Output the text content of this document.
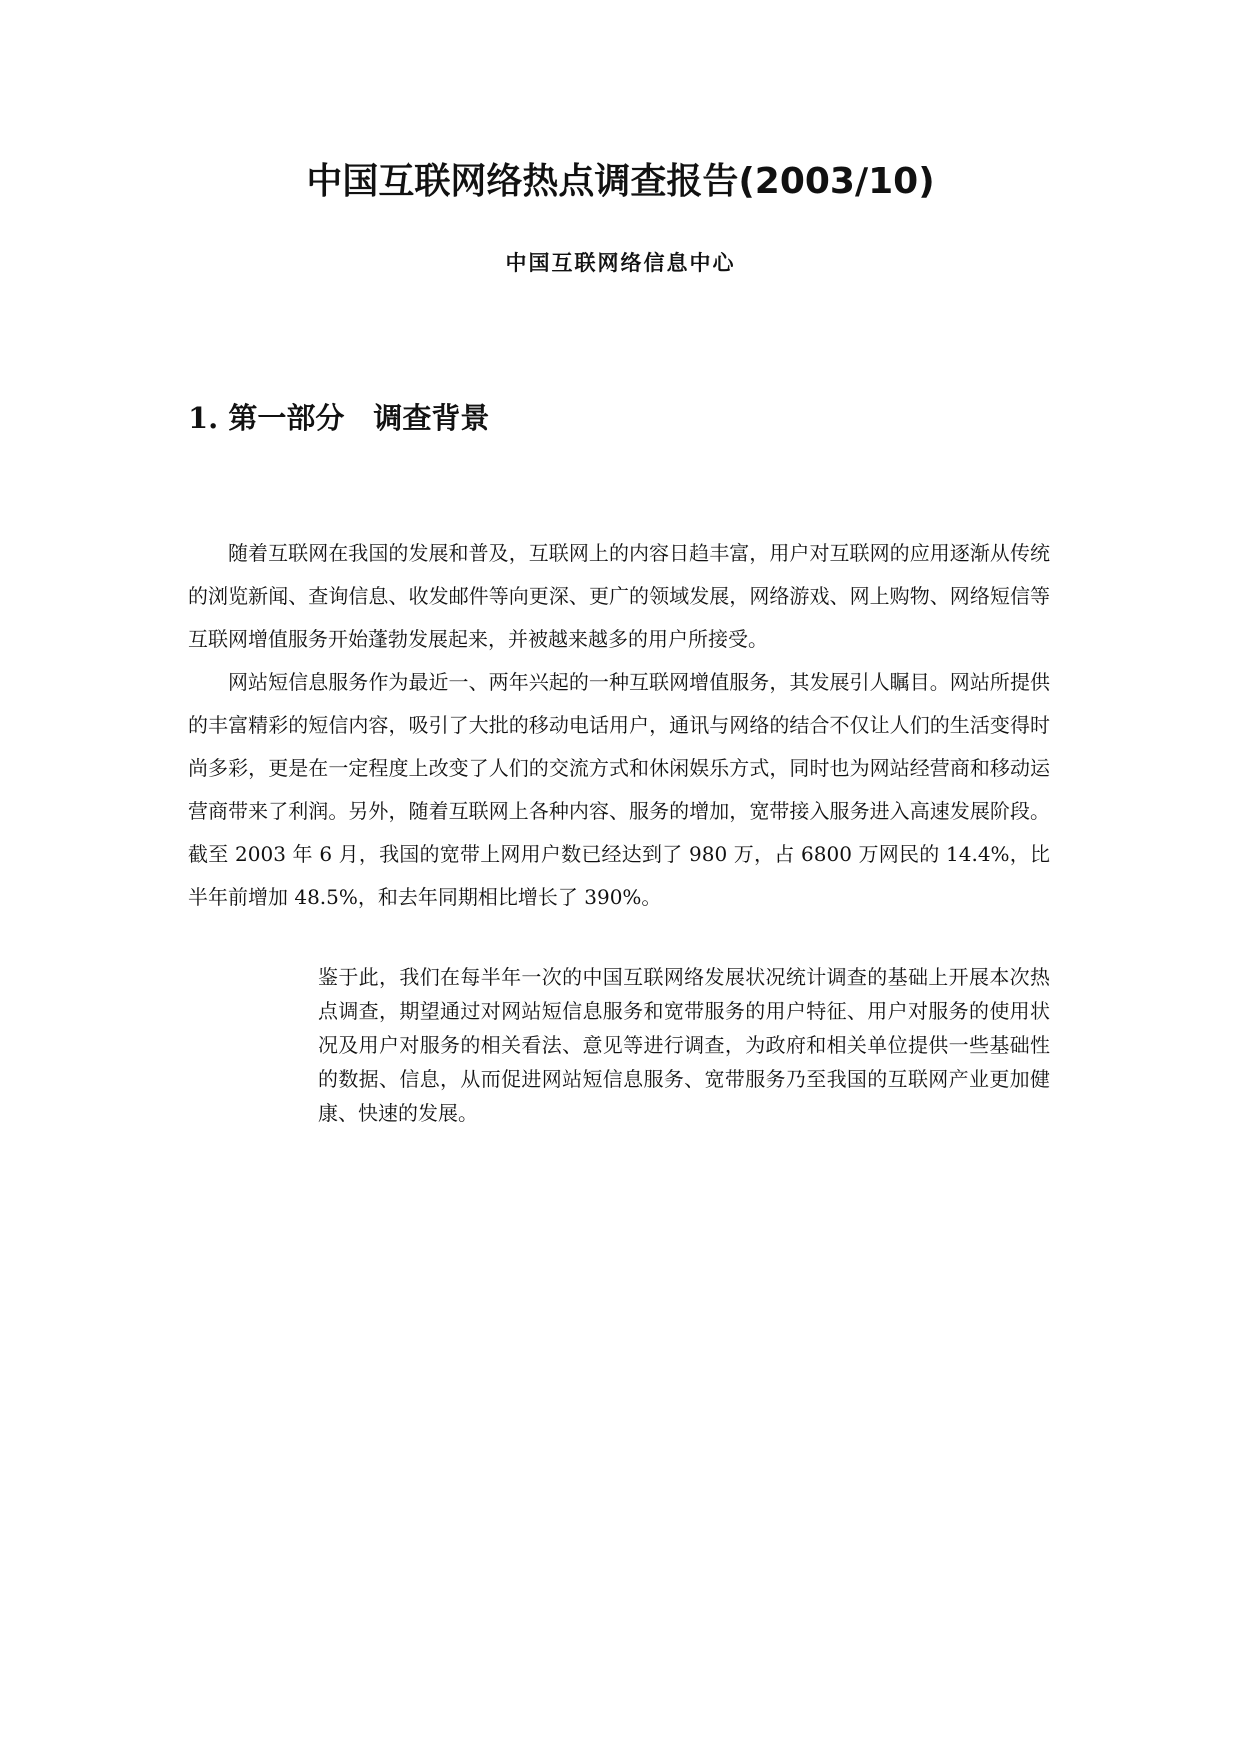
中国互联网络热点调查报告(2003/10)
中国互联网络信息中心
1. 第一部分　调查背景

随着互联网在我国的发展和普及，互联网上的内容日趋丰富，用户对互联网的应用逐渐从传统的浏览新闻、查询信息、收发邮件等向更深、更广的领域发展，网络游戏、网上购物、网络短信等互联网增值服务开始蓬勃发展起来，并被越来越多的用户所接受。

网站短信息服务作为最近一、两年兴起的一种互联网增值服务，其发展引人瞩目。网站所提供的丰富精彩的短信内容，吸引了大批的移动电话用户，通讯与网络的结合不仅让人们的生活变得时尚多彩，更是在一定程度上改变了人们的交流方式和休闲娱乐方式，同时也为网站经营商和移动运营商带来了利润。另外，随着互联网上各种内容、服务的增加，宽带接入服务进入高速发展阶段。截至 2003 年 6 月，我国的宽带上网用户数已经达到了 980 万，占 6800 万网民的 14.4%，比半年前增加 48.5%，和去年同期相比增长了 390%。

鉴于此，我们在每半年一次的中国互联网络发展状况统计调查的基础上开展本次热点调查，期望通过对网站短信息服务和宽带服务的用户特征、用户对服务的使用状况及用户对服务的相关看法、意见等进行调查，为政府和相关单位提供一些基础性的数据、信息，从而促进网站短信息服务、宽带服务乃至我国的互联网产业更加健康、快速的发展。
